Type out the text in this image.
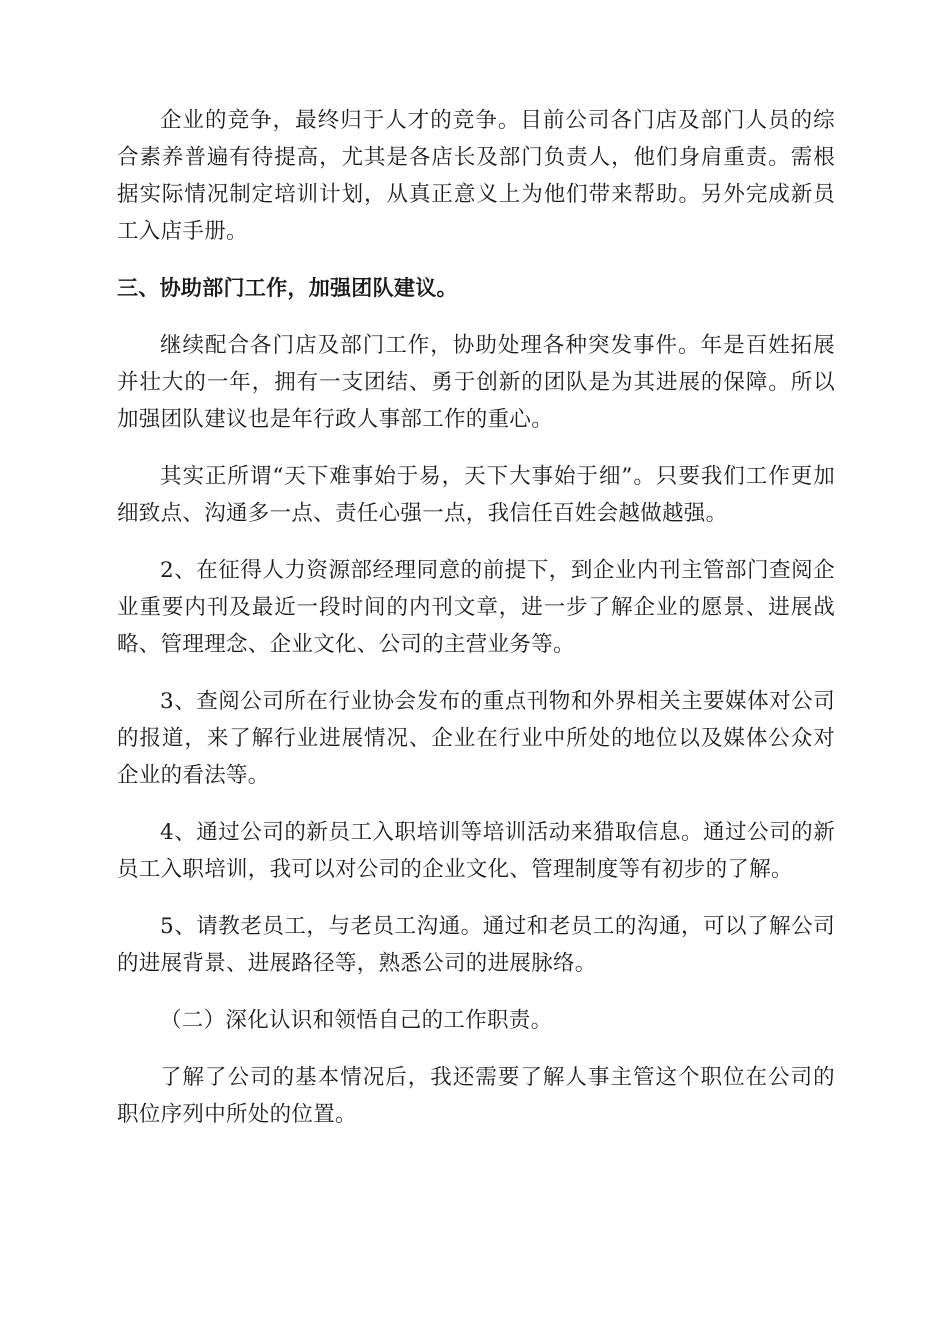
企业的竞争，最终归于人才的竞争。目前公司各门店及部门人员的综合素养普遍有待提高，尤其是各店长及部门负责人，他们身肩重责。需根据实际情况制定培训计划，从真正意义上为他们带来帮助。另外完成新员工入店手册。

三、协助部门工作，加强团队建议。

继续配合各门店及部门工作，协助处理各种突发事件。年是百姓拓展并壮大的一年，拥有一支团结、勇于创新的团队是为其进展的保障。所以加强团队建议也是年行政人事部工作的重心。

其实正所谓“天下难事始于易，天下大事始于细”。只要我们工作更加细致点、沟通多一点、责任心强一点，我信任百姓会越做越强。

2、在征得人力资源部经理同意的前提下，到企业内刊主管部门查阅企业重要内刊及最近一段时间的内刊文章，进一步了解企业的愿景、进展战略、管理理念、企业文化、公司的主营业务等。

3、查阅公司所在行业协会发布的重点刊物和外界相关主要媒体对公司的报道，来了解行业进展情况、企业在行业中所处的地位以及媒体公众对企业的看法等。

4、通过公司的新员工入职培训等培训活动来猎取信息。通过公司的新员工入职培训，我可以对公司的企业文化、管理制度等有初步的了解。

5、请教老员工，与老员工沟通。通过和老员工的沟通，可以了解公司的进展背景、进展路径等，熟悉公司的进展脉络。

（二）深化认识和领悟自己的工作职责。

了解了公司的基本情况后，我还需要了解人事主管这个职位在公司的职位序列中所处的位置。
